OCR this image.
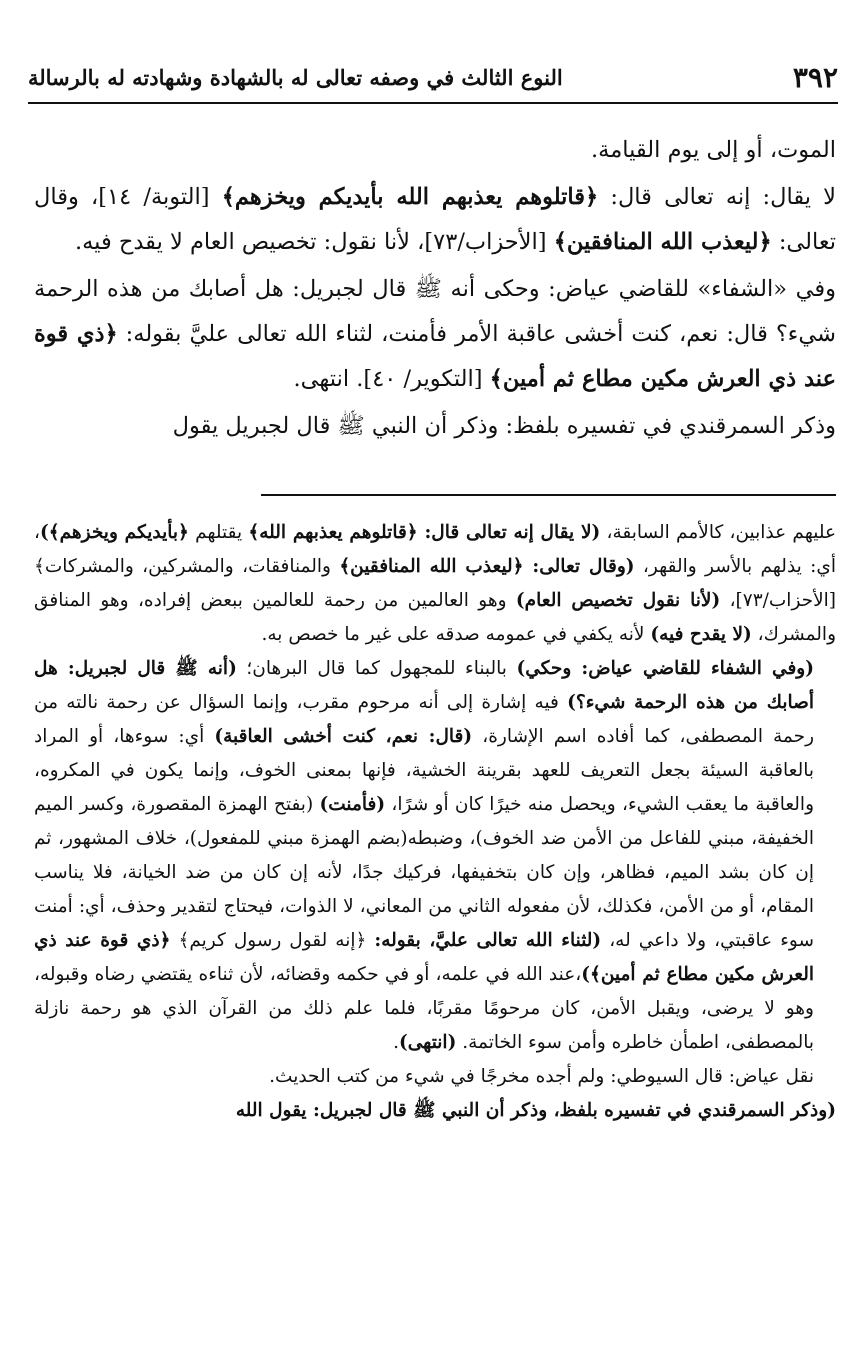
٣٩٢
النوع الثالث في وصفه تعالى له بالشهادة وشهادته له بالرسالة

الموت، أو إلى يوم القيامة.

لا يقال: إنه تعالى قال: ﴿قاتلوهم يعذبهم الله بأيديكم ويخزهم﴾ [التوبة/ ١٤]، وقال تعالى: ﴿ليعذب الله المنافقين﴾ [الأحزاب/٧٣]، لأنا نقول: تخصيص العام لا يقدح فيه.

وفي «الشفاء» للقاضي عياض: وحكى أنه ﷺ قال لجبريل: هل أصابك من هذه الرحمة شيء؟ قال: نعم، كنت أخشى عاقبة الأمر فأمنت، لثناء الله تعالى عليَّ بقوله: ﴿ذي قوة عند ذي العرش مكين مطاع ثم أمين﴾ [التكوير/ ٤٠]. انتهى.

وذكر السمرقندي في تفسيره بلفظ: وذكر أن النبي ﷺ قال لجبريل يقول

عليهم عذابين، كالأمم السابقة، (لا يقال إنه تعالى قال: ﴿قاتلوهم يعذبهم الله﴾ يقتلهم ﴿بأيديكم ويخزهم﴾)، أي: يذلهم بالأسر والقهر، (وقال تعالى: ﴿ليعذب الله المنافقين﴾ والمنافقات، والمشركين، والمشركات﴾ [الأحزاب/٧٣]، (لأنا نقول تخصيص العام) وهو العالمين من رحمة للعالمين ببعض إفراده، وهو المنافق والمشرك، (لا يقدح فيه) لأنه يكفي في عمومه صدقه على غير ما خصص به.

(وفي الشفاء للقاضي عياض: وحكي) بالبناء للمجهول كما قال البرهان؛ (أنه ﷺ قال لجبريل: هل أصابك من هذه الرحمة شيء؟) فيه إشارة إلى أنه مرحوم مقرب، وإنما السؤال عن رحمة نالته من رحمة المصطفى، كما أفاده اسم الإشارة، (قال: نعم، كنت أخشى العاقبة) أي: سوءها، أو المراد بالعاقبة السيئة بجعل التعريف للعهد بقرينة الخشية، فإنها بمعنى الخوف، وإنما يكون في المكروه، والعاقبة ما يعقب الشيء، ويحصل منه خيرًا كان أو شرًا، (فأمنت) (بفتح الهمزة المقصورة، وكسر الميم الخفيفة، مبني للفاعل من الأمن ضد الخوف)، وضبطه(بضم الهمزة مبني للمفعول)، خلاف المشهور، ثم إن كان بشد الميم، فظاهر، وإن كان بتخفيفها، فركيك جدًا، لأنه إن كان من ضد الخيانة، فلا يناسب المقام، أو من الأمن، فكذلك، لأن مفعوله الثاني من المعاني، لا الذوات، فيحتاج لتقدير وحذف، أي: أمنت سوء عاقبتي، ولا داعي له، (لثناء الله تعالى عليَّ، بقوله: ﴿إنه لقول رسول كريم﴾ ﴿ذي قوة عند ذي العرش مكين مطاع ثم أمين﴾)،عند الله في علمه، أو في حكمه وقضائه، لأن ثناءه يقتضي رضاه وقبوله، وهو لا يرضى، ويقبل الأمن، كان مرحومًا مقربًا، فلما علم ذلك من القرآن الذي هو رحمة نازلة بالمصطفى، اطمأن خاطره وأمن سوء الخاتمة. (انتهى).

نقل عياض: قال السيوطي: ولم أجده مخرجًا في شيء من كتب الحديث.

(وذكر السمرقندي في تفسيره بلفظ، وذكر أن النبي ﷺ قال لجبريل: يقول الله
